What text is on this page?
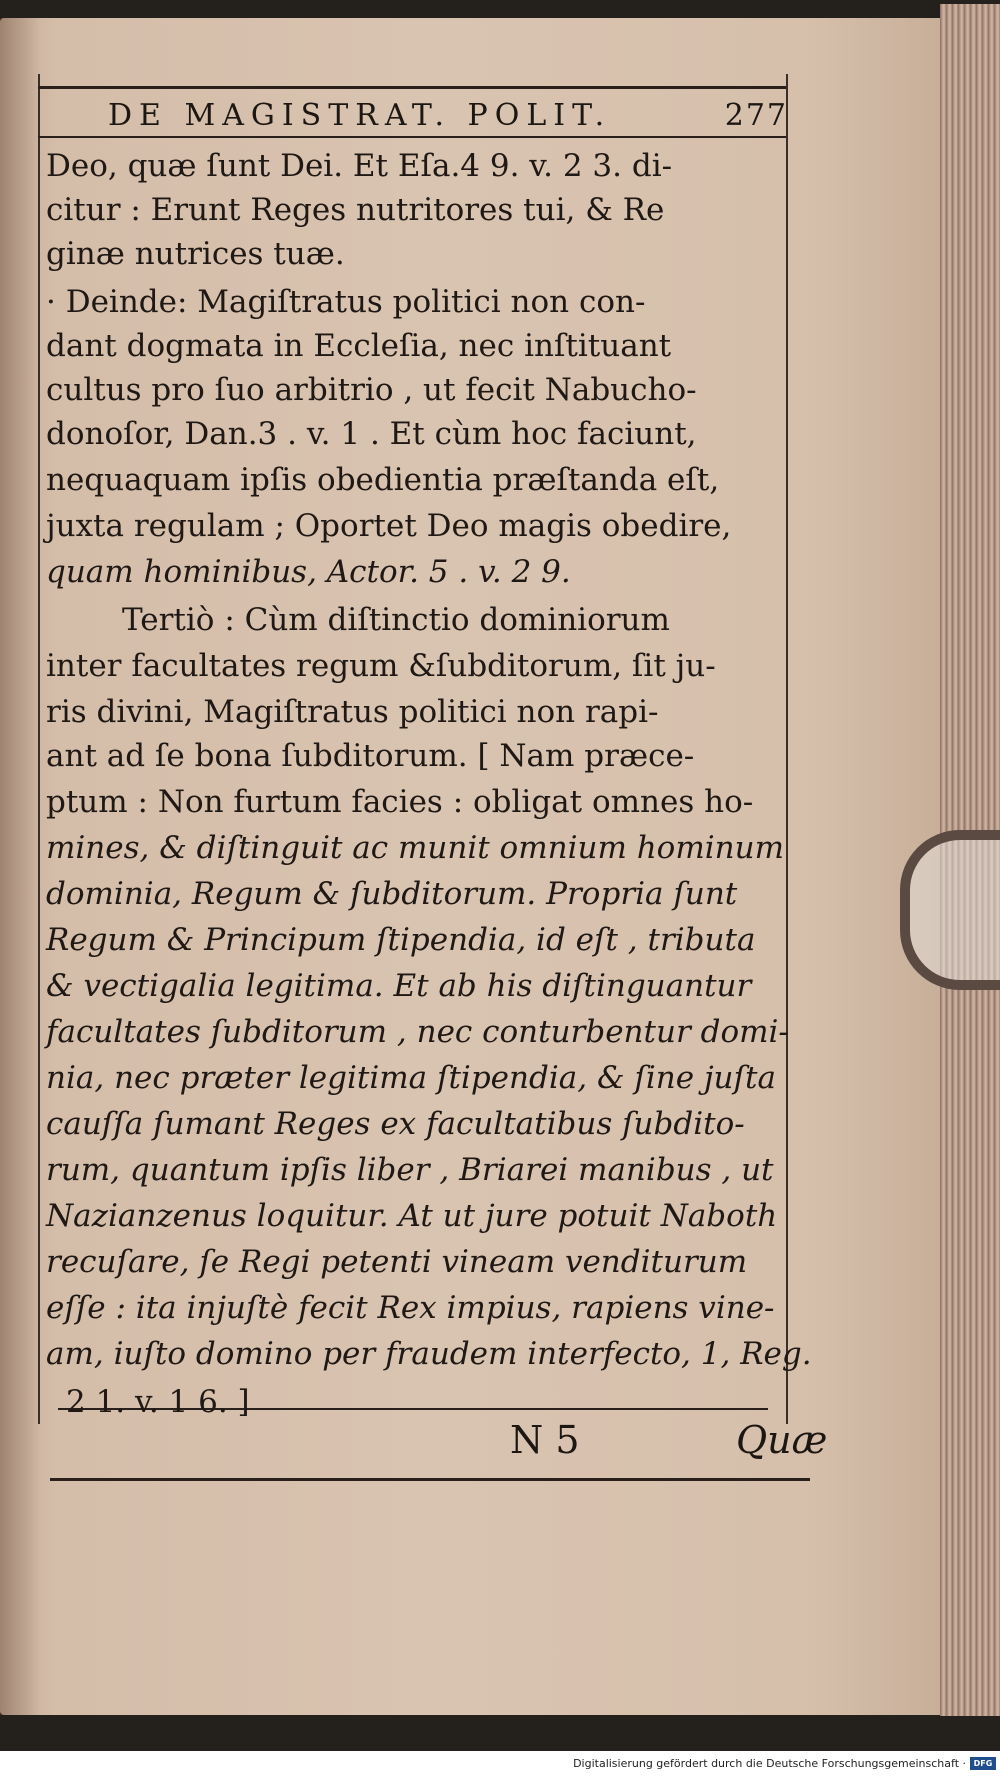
DE MAGISTRAT. POLIT.	277
Deo, quæ ſunt Dei. Et Eſa.4 9. v. 2 3. di-
citur : Erunt Reges nutritores tui, & Re
ginæ nutrices tuæ.
· Deinde: Magiſtratus politici non con-
dant dogmata in Eccleſia, nec inſtituant
cultus pro ſuo arbitrio , ut fecit Nabucho-
donoſor, Dan.3 . v. 1 . Et cùm hoc faciunt,
nequaquam ipſis obedientia præſtanda eſt,
juxta regulam ; Oportet Deo magis obedire,
quam hominibus, Actor. 5 . v. 2 9.
Tertiò : Cùm diſtinctio dominiorum
inter facultates regum &ſubditorum, ſit ju-
ris divini, Magiſtratus politici non rapi-
ant ad ſe bona ſubditorum. [ Nam præce-
ptum : Non furtum facies : obligat omnes ho-
mines, & diſtinguit ac munit omnium hominum
dominia, Regum & ſubditorum. Propria ſunt
Regum & Principum ſtipendia, id eſt , tributa
& vectigalia legitima. Et ab his diſtinguantur
facultates ſubditorum , nec conturbentur domi-
nia, nec præter legitima ſtipendia, & ſine juſta
cauſſa ſumant Reges ex facultatibus ſubdito-
rum, quantum ipſis liber , Briarei manibus , ut
Nazianzenus loquitur. At ut jure potuit Naboth
recuſare, ſe Regi petenti vineam venditurum
eſſe : ita injuſtè fecit Rex impius, rapiens vine-
am, iuſto domino per fraudem interfecto, 1, Reg.
2 1. v. 1 6. ]
N 5	Quæ
Digitalisierung gefördert durch die Deutsche Forschungsgemeinschaft · DFG
